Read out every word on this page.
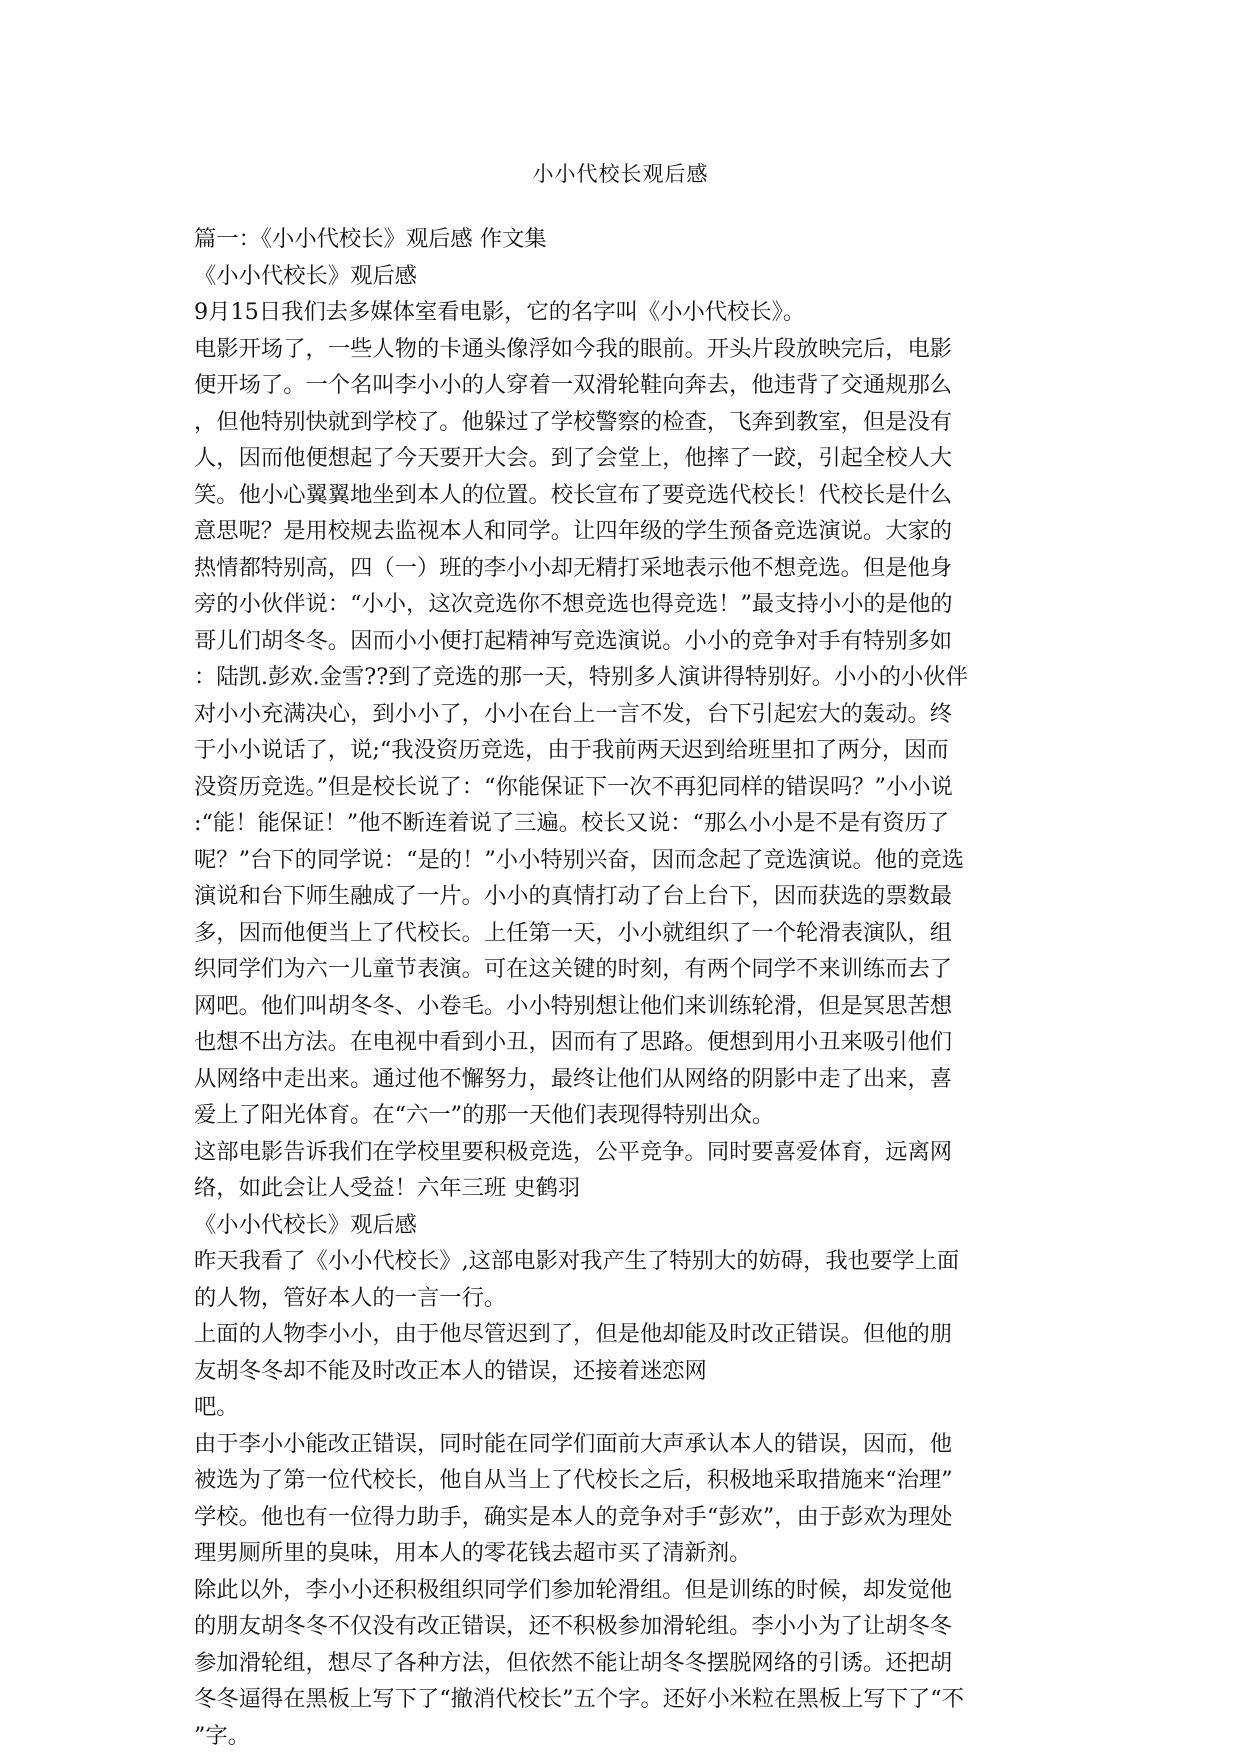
小小代校长观后感
篇一：《小小代校长》观后感 作文集
《小小代校长》观后感
9月15日我们去多媒体室看电影，它的名字叫《小小代校长》。
电影开场了，一些人物的卡通头像浮如今我的眼前。开头片段放映完后，电影
便开场了。一个名叫李小小的人穿着一双滑轮鞋向奔去，他违背了交通规那么
，但他特别快就到学校了。他躲过了学校警察的检查，飞奔到教室，但是没有
人，因而他便想起了今天要开大会。到了会堂上，他摔了一跤，引起全校人大
笑。他小心翼翼地坐到本人的位置。校长宣布了要竞选代校长！代校长是什么
意思呢？是用校规去监视本人和同学。让四年级的学生预备竞选演说。大家的
热情都特别高，四（一）班的李小小却无精打采地表示他不想竞选。但是他身
旁的小伙伴说：“小小，这次竞选你不想竞选也得竞选！”最支持小小的是他的
哥儿们胡冬冬。因而小小便打起精神写竞选演说。小小的竞争对手有特别多如
：陆凯.彭欢.金雪??到了竞选的那一天，特别多人演讲得特别好。小小的小伙伴
对小小充满决心，到小小了，小小在台上一言不发，台下引起宏大的轰动。终
于小小说话了，说;“我没资历竞选，由于我前两天迟到给班里扣了两分，因而
没资历竞选。”但是校长说了：“你能保证下一次不再犯同样的错误吗？”小小说
:“能！能保证！”他不断连着说了三遍。校长又说：“那么小小是不是有资历了
呢？”台下的同学说：“是的！”小小特别兴奋，因而念起了竞选演说。他的竞选
演说和台下师生融成了一片。小小的真情打动了台上台下，因而获选的票数最
多，因而他便当上了代校长。上任第一天，小小就组织了一个轮滑表演队，组
织同学们为六一儿童节表演。可在这关键的时刻，有两个同学不来训练而去了
网吧。他们叫胡冬冬、小卷毛。小小特别想让他们来训练轮滑，但是冥思苦想
也想不出方法。在电视中看到小丑，因而有了思路。便想到用小丑来吸引他们
从网络中走出来。通过他不懈努力，最终让他们从网络的阴影中走了出来，喜
爱上了阳光体育。在“六一”的那一天他们表现得特别出众。
这部电影告诉我们在学校里要积极竞选，公平竞争。同时要喜爱体育，远离网
络，如此会让人受益！六年三班 史鹤羽
《小小代校长》观后感
昨天我看了《小小代校长》,这部电影对我产生了特别大的妨碍，我也要学上面
的人物，管好本人的一言一行。
上面的人物李小小，由于他尽管迟到了，但是他却能及时改正错误。但他的朋
友胡冬冬却不能及时改正本人的错误，还接着迷恋网
吧。
由于李小小能改正错误，同时能在同学们面前大声承认本人的错误，因而，他
被选为了第一位代校长，他自从当上了代校长之后，积极地采取措施来“治理”
学校。他也有一位得力助手，确实是本人的竞争对手“彭欢”，由于彭欢为理处
理男厕所里的臭味，用本人的零花钱去超市买了清新剂。
除此以外，李小小还积极组织同学们参加轮滑组。但是训练的时候，却发觉他
的朋友胡冬冬不仅没有改正错误，还不积极参加滑轮组。李小小为了让胡冬冬
参加滑轮组，想尽了各种方法，但依然不能让胡冬冬摆脱网络的引诱。还把胡
冬冬逼得在黑板上写下了“撤消代校长”五个字。还好小米粒在黑板上写下了“不
”字。
